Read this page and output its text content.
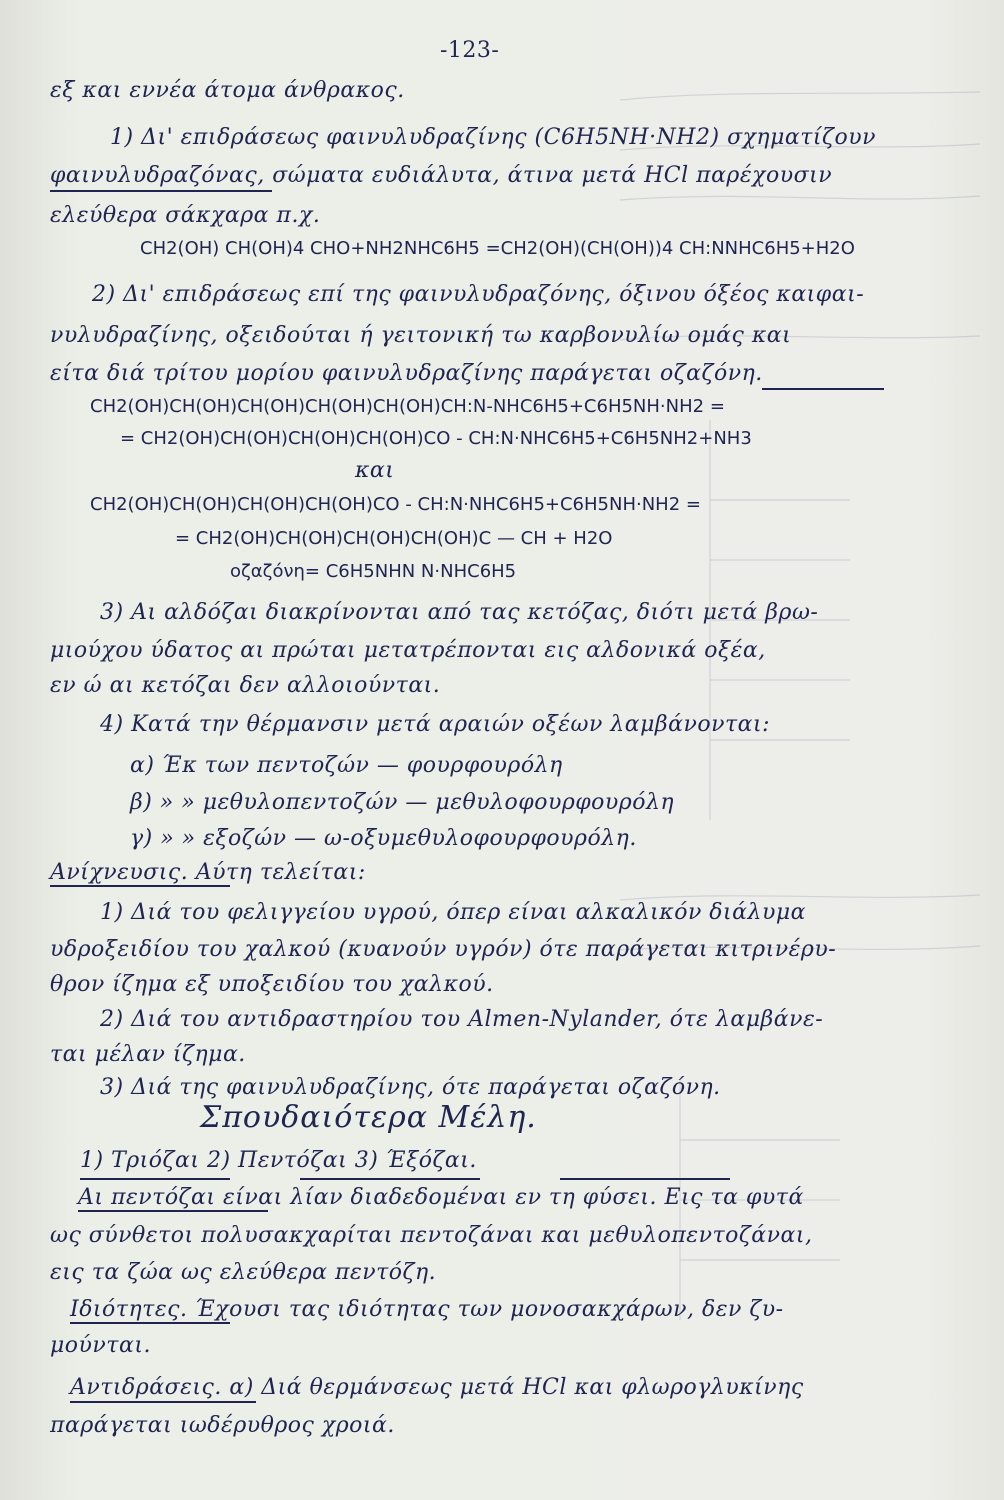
-123-
εξ και εννέα άτομα άνθρακος.
1) Δι' επιδράσεως φαινυλυδραζίνης (C6H5NH·NH2) σχηματίζουν
φαινυλυδραζόνας, σώματα ευδιάλυτα, άτινα μετά HCl παρέχουσιν
ελεύθερα σάκχαρα π.χ.
CH2(OH) CH(OH)4 CHO+NH2NHC6H5 =CH2(OH)(CH(OH))4 CH:NNHC6H5+H2O
2) Δι' επιδράσεως επί της φαινυλυδραζόνης, όξινου όξέος καιφαι-
νυλυδραζίνης, οξειδούται ή γειτονική τω καρβονυλίω ομάς και
είτα διά τρίτου μορίου φαινυλυδραζίνης παράγεται οζαζόνη.
CH2(OH)CH(OH)CH(OH)CH(OH)CH(OH)CH:N-NHC6H5+C6H5NH·NH2 =
= CH2(OH)CH(OH)CH(OH)CH(OH)CO - CH:N·NHC6H5+C6H5NH2+NH3
και
CH2(OH)CH(OH)CH(OH)CH(OH)CO - CH:N·NHC6H5+C6H5NH·NH2 =
= CH2(OH)CH(OH)CH(OH)CH(OH)C — CH + H2O
οζαζόνη= C6H5NHN N·NHC6H5
3) Αι αλδόζαι διακρίνονται από τας κετόζας, διότι μετά βρω-
μιούχου ύδατος αι πρώται μετατρέπονται εις αλδονικά οξέα,
εν ώ αι κετόζαι δεν αλλοιούνται.
4) Κατά την θέρμανσιν μετά αραιών οξέων λαμβάνονται:
α) Έκ των πεντοζών — φουρφουρόλη
β) » » μεθυλοπεντοζών — μεθυλοφουρφουρόλη
γ) » » εξοζών — ω-οξυμεθυλοφουρφουρόλη.
Ανίχνευσις. Αύτη τελείται:
1) Διά του φελιγγείου υγρού, όπερ είναι αλκαλικόν διάλυμα
υδροξειδίου του χαλκού (κυανούν υγρόν) ότε παράγεται κιτρινέρυ-
θρον ίζημα εξ υποξειδίου του χαλκού.
2) Διά του αντιδραστηρίου του Almen-Nylander, ότε λαμβάνε-
ται μέλαν ίζημα.
3) Διά της φαινυλυδραζίνης, ότε παράγεται οζαζόνη.
Σπουδαιότερα Μέλη.
1) Τριόζαι 2) Πεντόζαι 3) Έξόζαι.
Αι πεντόζαι είναι λίαν διαδεδομέναι εν τη φύσει. Εις τα φυτά
ως σύνθετοι πολυσακχαρίται πεντοζάναι και μεθυλοπεντοζάναι,
εις τα ζώα ως ελεύθερα πεντόζη.
Ιδιότητες. Έχουσι τας ιδιότητας των μονοσακχάρων, δεν ζυ-
μούνται.
Αντιδράσεις. α) Διά θερμάνσεως μετά HCl και φλωρογλυκίνης
παράγεται ιωδέρυθρος χροιά.
